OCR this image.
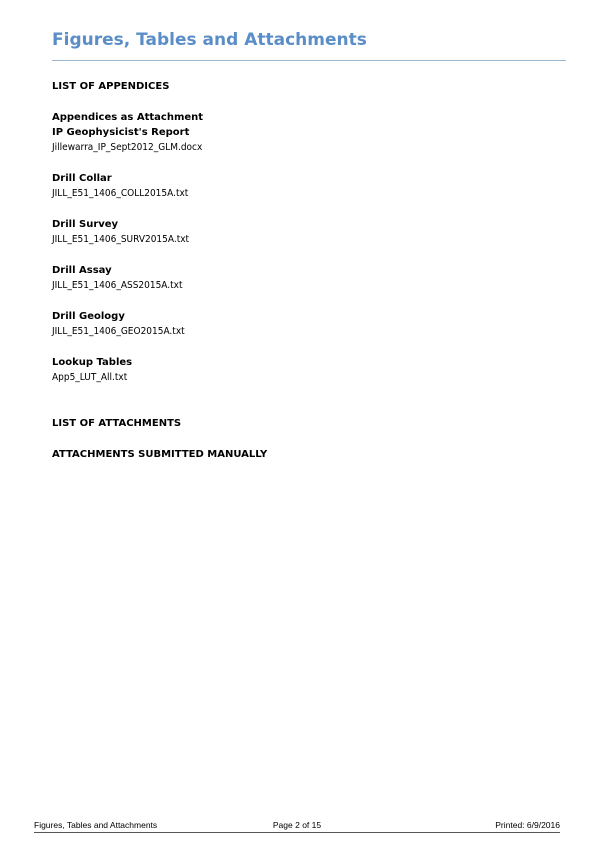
Figures, Tables and Attachments
LIST OF APPENDICES
Appendices as Attachment
IP Geophysicist's Report
Jillewarra_IP_Sept2012_GLM.docx
Drill Collar
JILL_E51_1406_COLL2015A.txt
Drill Survey
JILL_E51_1406_SURV2015A.txt
Drill Assay
JILL_E51_1406_ASS2015A.txt
Drill Geology
JILL_E51_1406_GEO2015A.txt
Lookup Tables
App5_LUT_All.txt
LIST OF ATTACHMENTS
ATTACHMENTS SUBMITTED MANUALLY
Figures, Tables and Attachments	Page 2 of 15	Printed: 6/9/2016
